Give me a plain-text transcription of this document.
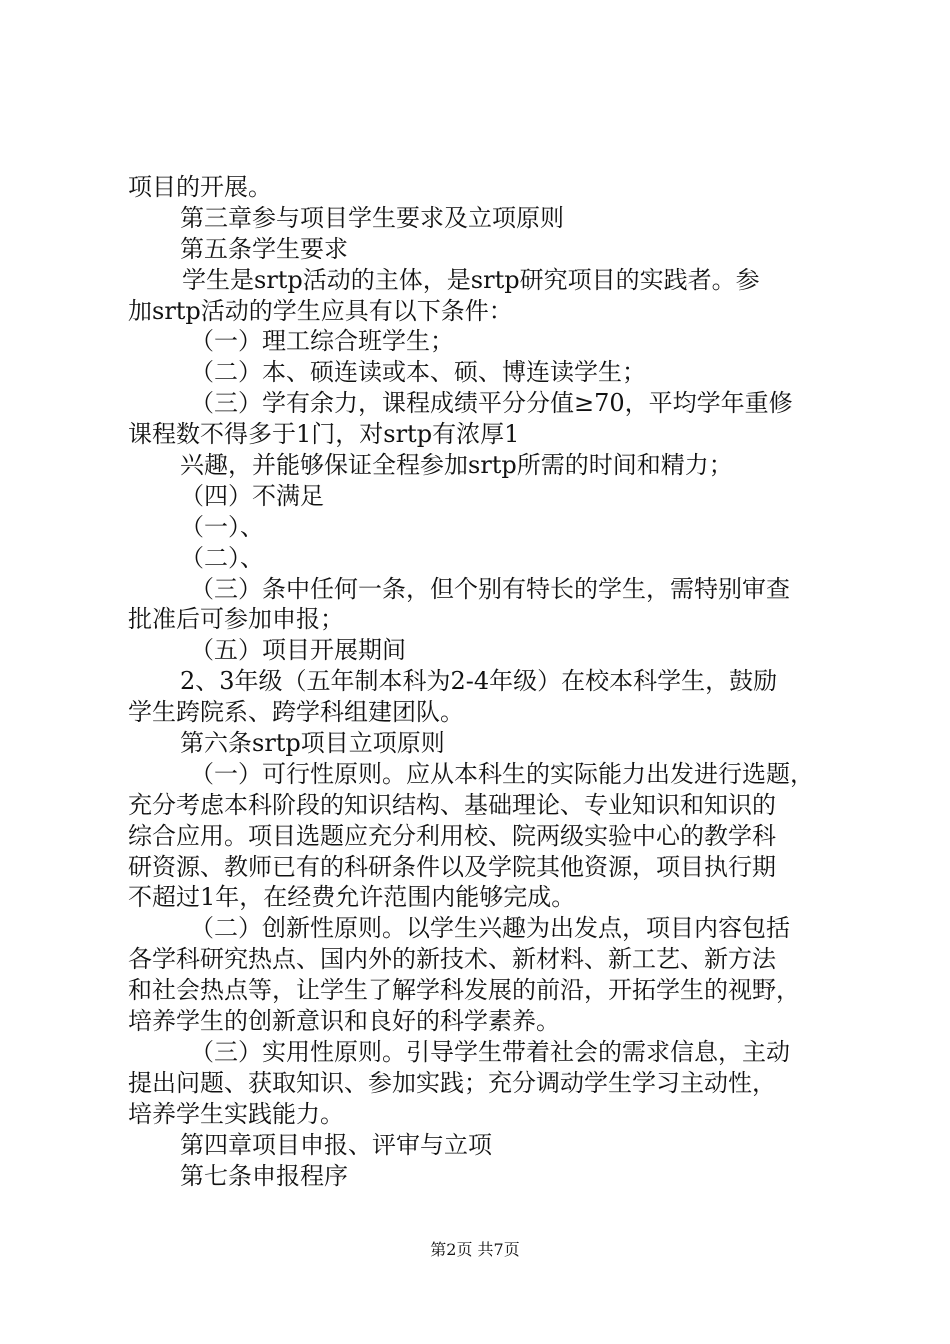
项目的开展。
第三章参与项目学生要求及立项原则
第五条学生要求
学生是srtp活动的主体，是srtp研究项目的实践者。参
加srtp活动的学生应具有以下条件：
（一）理工综合班学生；
（二）本、硕连读或本、硕、博连读学生；
（三）学有余力，课程成绩平分分值≥70，平均学年重修
课程数不得多于1门，对srtp有浓厚1
兴趣，并能够保证全程参加srtp所需的时间和精力；
（四）不满足
（一）、
（二）、
（三）条中任何一条，但个别有特长的学生，需特别审查
批准后可参加申报；
（五）项目开展期间
2、3年级（五年制本科为2-4年级）在校本科学生，鼓励
学生跨院系、跨学科组建团队。
第六条srtp项目立项原则
（一）可行性原则。应从本科生的实际能力出发进行选题，
充分考虑本科阶段的知识结构、基础理论、专业知识和知识的
综合应用。项目选题应充分利用校、院两级实验中心的教学科
研资源、教师已有的科研条件以及学院其他资源，项目执行期
不超过1年，在经费允许范围内能够完成。
（二）创新性原则。以学生兴趣为出发点，项目内容包括
各学科研究热点、国内外的新技术、新材料、新工艺、新方法
和社会热点等，让学生了解学科发展的前沿，开拓学生的视野，
培养学生的创新意识和良好的科学素养。
（三）实用性原则。引导学生带着社会的需求信息，主动
提出问题、获取知识、参加实践；充分调动学生学习主动性，
培养学生实践能力。
第四章项目申报、评审与立项
第七条申报程序
第2页 共7页
